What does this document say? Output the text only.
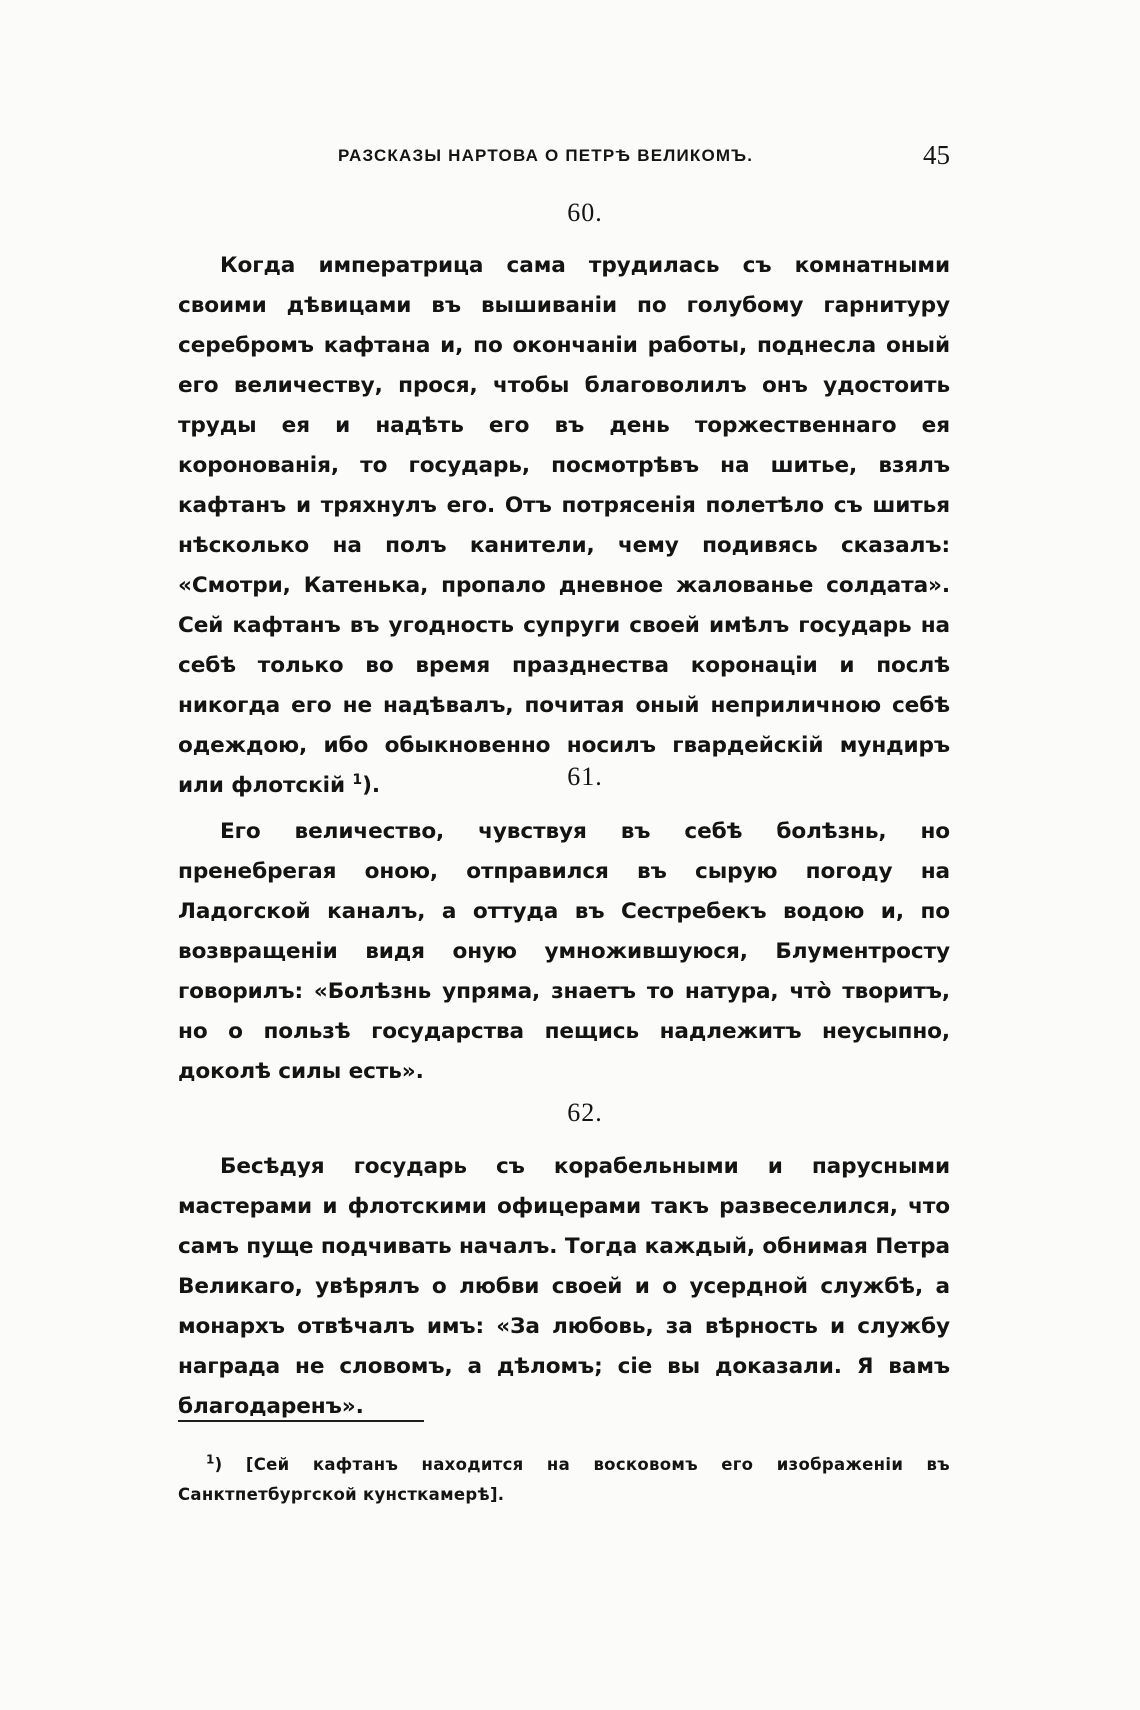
РАЗСКАЗЫ НАРТОВА О ПЕТРѢ ВЕЛИКОМЪ.	45
60.

Когда императрица сама трудилась съ комнатными своими дѣвицами въ вышиваніи по голубому гарнитуру серебромъ кафтана и, по окончаніи работы, поднесла оный его величеству, прося, чтобы благоволилъ онъ удостоить труды ея и надѣть его въ день торжественнаго ея коронованія, то государь, посмотрѣвъ на шитье, взялъ кафтанъ и тряхнулъ его. Отъ потрясенія полетѣло съ шитья нѣсколько на полъ канители, чему подивясь сказалъ: «Смотри, Катенька, пропало дневное жалованье солдата». Сей кафтанъ въ угодность супруги своей имѣлъ государь на себѣ только во время празднества коронаціи и послѣ никогда его не надѣвалъ, почитая оный неприличною себѣ одеждою, ибо обыкновенно носилъ гвардейскій мундиръ или флотскій $^1$).	61.

Его величество, чувствуя въ себѣ болѣзнь, но пренебрегая оною, отправился въ сырую погоду на Ладогской каналъ, а оттуда въ Сестребекъ водою и, по возвращеніи видя оную умножившуюся, Блументросту говорилъ: «Болѣзнь упряма, знаетъ то натура, что̀ творитъ, но о пользѣ государства пещись надлежитъ неусыпно, доколѣ силы есть».

62.

Бесѣдуя государь съ корабельными и парусными мастерами и флотскими офицерами такъ развеселился, что самъ пуще подчивать началъ. Тогда каждый, обнимая Петра Великаго, увѣрялъ о любви своей и о усердной службѣ, а монархъ отвѣчалъ имъ: «За любовь, за вѣрность и службу награда не словомъ, а дѣломъ; сіе вы доказали. Я вамъ благодаренъ».

$^1$) [Сей кафтанъ находится на восковомъ его изображеніи въ Санктпетбургской кунсткамерѣ].
